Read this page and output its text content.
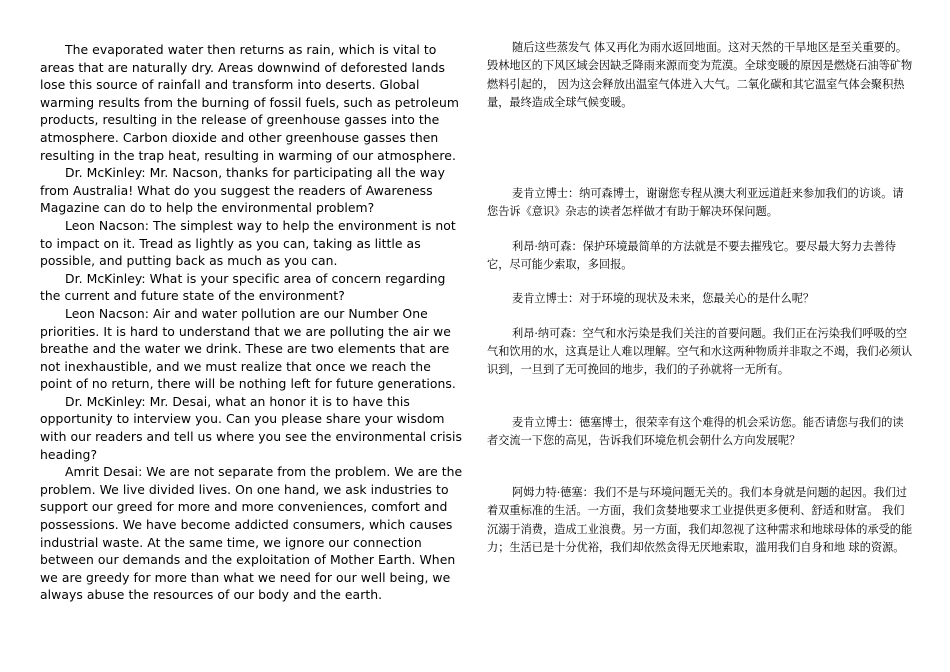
The evaporated water then returns as rain, which is vital to areas that are naturally dry. Areas downwind of deforested lands lose this source of rainfall and transform into deserts. Global warming results from the burning of fossil fuels, such as petroleum products, resulting in the release of greenhouse gasses into the atmosphere. Carbon dioxide and other greenhouse gasses then resulting in the trap heat, resulting in warming of our atmosphere.

Dr. McKinley: Mr. Nacson, thanks for participating all the way from Australia! What do you suggest the readers of Awareness Magazine can do to help the environmental problem?

Leon Nacson: The simplest way to help the environment is not to impact on it. Tread as lightly as you can, taking as little as possible, and putting back as much as you can.

Dr. McKinley: What is your specific area of concern regarding the current and future state of the environment?

Leon Nacson: Air and water pollution are our Number One priorities. It is hard to understand that we are polluting the air we breathe and the water we drink. These are two elements that are not inexhaustible, and we must realize that once we reach the point of no return, there will be nothing left for future generations.

Dr. McKinley: Mr. Desai, what an honor it is to have this opportunity to interview you. Can you please share your wisdom with our readers and tell us where you see the environmental crisis heading?

Amrit Desai: We are not separate from the problem. We are the problem. We live divided lives. On one hand, we ask industries to support our greed for more and more conveniences, comfort and possessions. We have become addicted consumers, which causes industrial waste. At the same time, we ignore our connection between our demands and the exploitation of Mother Earth. When we are greedy for more than what we need for our well being, we always abuse the resources of our body and the earth.

随后这些蒸发气 体又再化为雨水返回地面。这对天然的干旱地区是至关重要的。毁林地区的下风区域会因缺乏降雨来源而变为荒漠。全球变暖的原因是燃烧石油等矿物燃料引起的， 因为这会释放出温室气体进入大气。二氧化碳和其它温室气体会聚积热量，最终造成全球气候变暖。

麦肯立博士：纳可森博士，谢谢您专程从澳大利亚远道赶来参加我们的访谈。请您告诉《意识》杂志的读者怎样做才有助于解决环保问题。

利昂·纳可森：保护环境最简单的方法就是不要去摧残它。要尽最大努力去善待它，尽可能少索取，多回报。

麦肯立博士：对于环境的现状及未来，您最关心的是什么呢？

利昂·纳可森：空气和水污染是我们关注的首要问题。我们正在污染我们呼吸的空气和饮用的水，这真是让人难以理解。空气和水这两种物质并非取之不竭，我们必须认识到，一旦到了无可挽回的地步，我们的子孙就将一无所有。

麦肯立博士：德塞博士，很荣幸有这个难得的机会采访您。能否请您与我们的读者交流一下您的高见，告诉我们环境危机会朝什么方向发展呢？

阿姆力特·德塞：我们不是与环境问题无关的。我们本身就是问题的起因。我们过着双重标准的生活。一方面，我们贪婪地要求工业提供更多便利、舒适和财富。 我们沉溺于消费，造成工业浪费。另一方面，我们却忽视了这种需求和地球母体的承受的能力；生活已是十分优裕，我们却依然贪得无厌地索取，滥用我们自身和地 球的资源。
